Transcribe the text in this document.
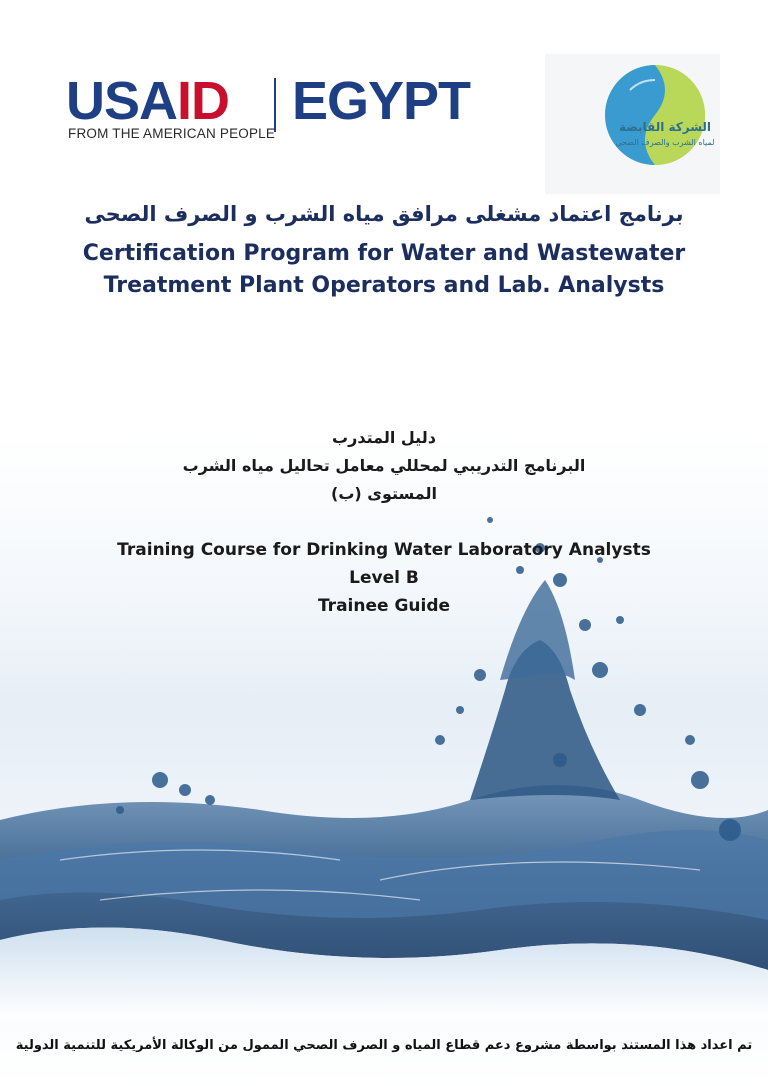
USAID EGYPT
FROM THE AMERICAN PEOPLE	الشركة القابضة
لمياه الشرب والصرف الصحى
برنامج اعتماد مشغلى مرافق مياه الشرب و الصرف الصحى
Certification Program for Water and Wastewater
Treatment Plant Operators and Lab. Analysts
دليل المتدرب
البرنامج التدريبي لمحللي معامل تحاليل مياه الشرب
المستوى (ب)
Training Course for Drinking Water Laboratory Analysts
Level B
Trainee Guide
تم اعداد هذا المستند بواسطة مشروع دعم قطاع المياه و الصرف الصحي الممول من الوكالة الأمريكية للتنمية الدولية
